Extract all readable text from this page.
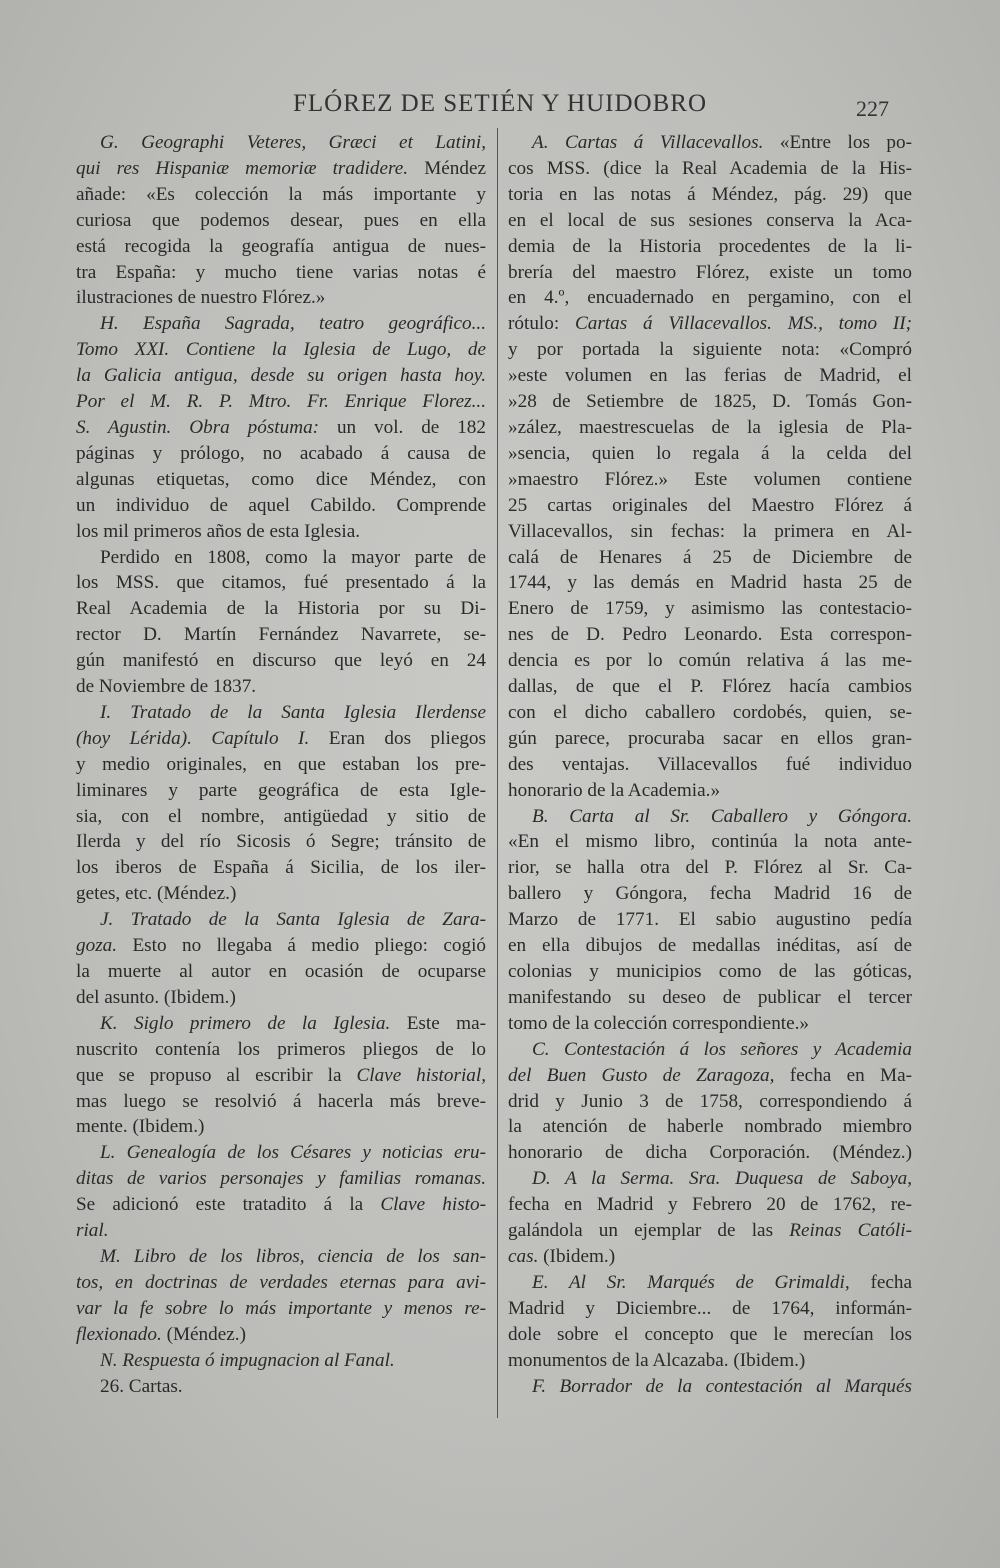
FLÓREZ DE SETIÉN Y HUIDOBRO	227
G. Geographi Veteres, Græci et Latini,
qui res Hispaniæ memoriæ tradidere. Méndez
añade: «Es colección la más importante y
curiosa que podemos desear, pues en ella
está recogida la geografía antigua de nues-
tra España: y mucho tiene varias notas é
ilustraciones de nuestro Flórez.»
H. España Sagrada, teatro geográfico...
Tomo XXI. Contiene la Iglesia de Lugo, de
la Galicia antigua, desde su origen hasta hoy.
Por el M. R. P. Mtro. Fr. Enrique Florez...
S. Agustin. Obra póstuma: un vol. de 182
páginas y prólogo, no acabado á causa de
algunas etiquetas, como dice Méndez, con
un individuo de aquel Cabildo. Comprende
los mil primeros años de esta Iglesia.
Perdido en 1808, como la mayor parte de
los MSS. que citamos, fué presentado á la
Real Academia de la Historia por su Di-
rector D. Martín Fernández Navarrete, se-
gún manifestó en discurso que leyó en 24
de Noviembre de 1837.
I. Tratado de la Santa Iglesia Ilerdense
(hoy Lérida). Capítulo I. Eran dos pliegos
y medio originales, en que estaban los pre-
liminares y parte geográfica de esta Igle-
sia, con el nombre, antigüedad y sitio de
Ilerda y del río Sicosis ó Segre; tránsito de
los iberos de España á Sicilia, de los iler-
getes, etc. (Méndez.)
J. Tratado de la Santa Iglesia de Zara-
goza. Esto no llegaba á medio pliego: cogió
la muerte al autor en ocasión de ocuparse
del asunto. (Ibidem.)
K. Siglo primero de la Iglesia. Este ma-
nuscrito contenía los primeros pliegos de lo
que se propuso al escribir la Clave historial,
mas luego se resolvió á hacerla más breve-
mente. (Ibidem.)
L. Genealogía de los Césares y noticias eru-
ditas de varios personajes y familias romanas.
Se adicionó este tratadito á la Clave histo-
rial.
M. Libro de los libros, ciencia de los san-
tos, en doctrinas de verdades eternas para avi-
var la fe sobre lo más importante y menos re-
flexionado. (Méndez.)
N. Respuesta ó impugnacion al Fanal.
26. Cartas.
A. Cartas á Villacevallos. «Entre los po-
cos MSS. (dice la Real Academia de la His-
toria en las notas á Méndez, pág. 29) que
en el local de sus sesiones conserva la Aca-
demia de la Historia procedentes de la li-
brería del maestro Flórez, existe un tomo
en 4.º, encuadernado en pergamino, con el
rótulo: Cartas á Villacevallos. MS., tomo II;
y por portada la siguiente nota: «Compró
»este volumen en las ferias de Madrid, el
»28 de Setiembre de 1825, D. Tomás Gon-
»zález, maestrescuelas de la iglesia de Pla-
»sencia, quien lo regala á la celda del
»maestro Flórez.» Este volumen contiene
25 cartas originales del Maestro Flórez á
Villacevallos, sin fechas: la primera en Al-
calá de Henares á 25 de Diciembre de
1744, y las demás en Madrid hasta 25 de
Enero de 1759, y asimismo las contestacio-
nes de D. Pedro Leonardo. Esta correspon-
dencia es por lo común relativa á las me-
dallas, de que el P. Flórez hacía cambios
con el dicho caballero cordobés, quien, se-
gún parece, procuraba sacar en ellos gran-
des ventajas. Villacevallos fué individuo
honorario de la Academia.»
B. Carta al Sr. Caballero y Góngora.
«En el mismo libro, continúa la nota ante-
rior, se halla otra del P. Flórez al Sr. Ca-
ballero y Góngora, fecha Madrid 16 de
Marzo de 1771. El sabio augustino pedía
en ella dibujos de medallas inéditas, así de
colonias y municipios como de las góticas,
manifestando su deseo de publicar el tercer
tomo de la colección correspondiente.»
C. Contestación á los señores y Academia
del Buen Gusto de Zaragoza, fecha en Ma-
drid y Junio 3 de 1758, correspondiendo á
la atención de haberle nombrado miembro
honorario de dicha Corporación. (Méndez.)
D. A la Serma. Sra. Duquesa de Saboya,
fecha en Madrid y Febrero 20 de 1762, re-
galándola un ejemplar de las Reinas Católi-
cas. (Ibidem.)
E. Al Sr. Marqués de Grimaldi, fecha
Madrid y Diciembre... de 1764, informán-
dole sobre el concepto que le merecían los
monumentos de la Alcazaba. (Ibidem.)
F. Borrador de la contestación al Marqués
